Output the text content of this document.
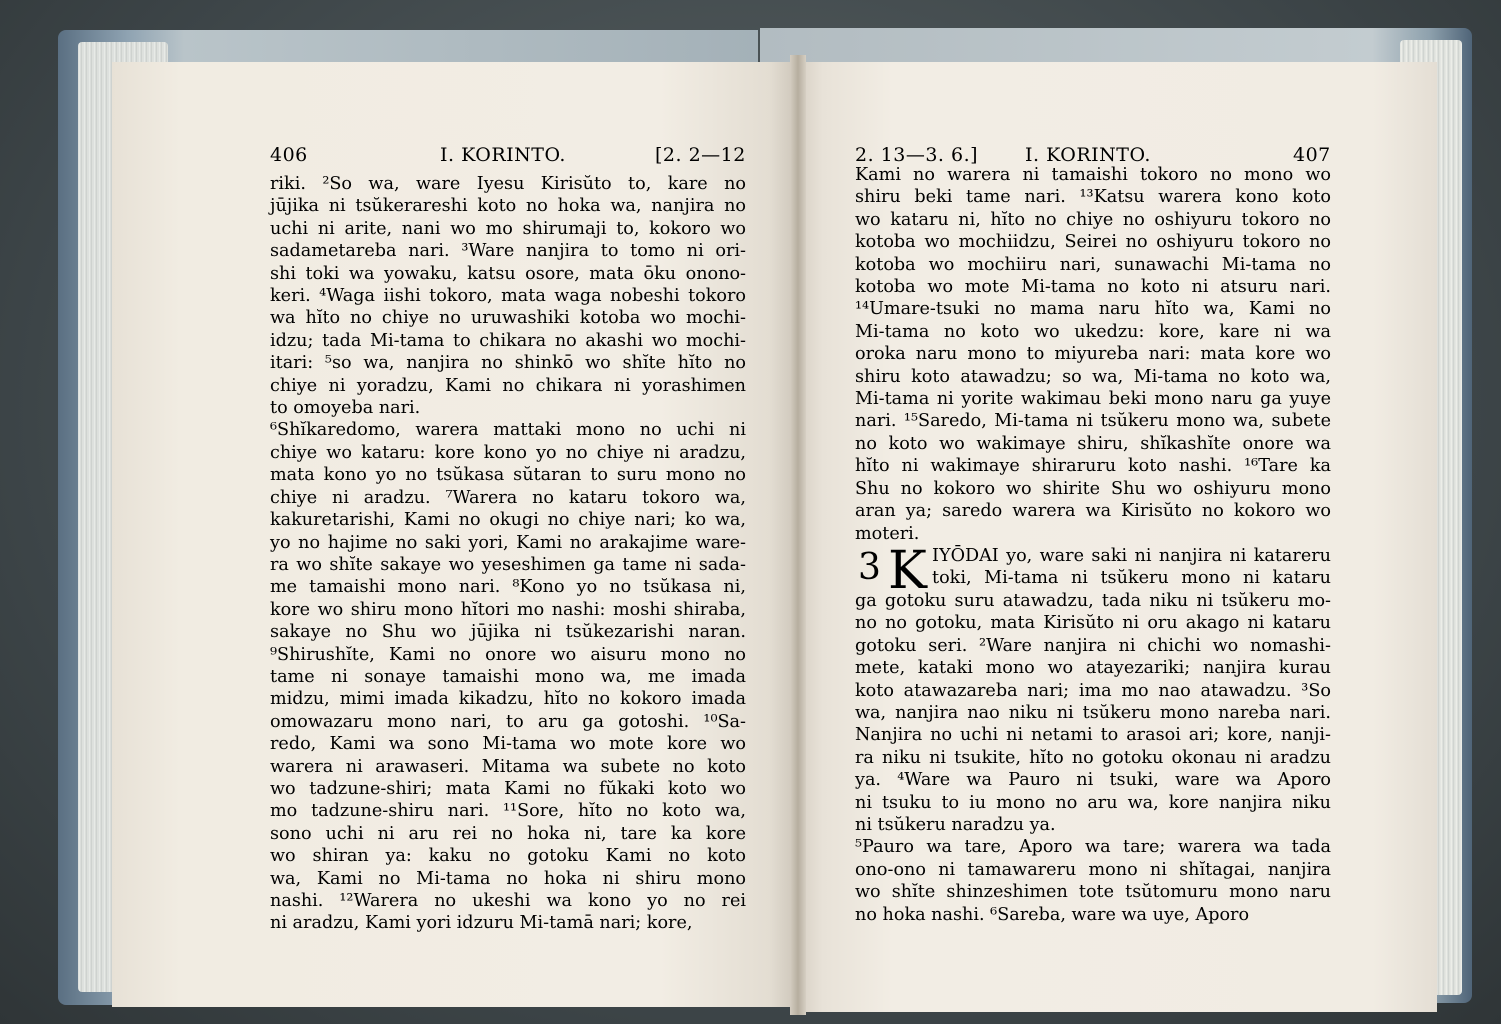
406	I. KORINTO.	[2. 2—12
riki. ²So wa, ware Iyesu Kirisŭto to, kare no
jūjika ni tsŭkerareshi koto no hoka wa, nanjira no
uchi ni arite, nani wo mo shirumaji to, kokoro wo
sadametareba nari. ³Ware nanjira to tomo ni ori-
shi toki wa yowaku, katsu osore, mata ōku ononо-
keri. ⁴Waga iishi tokoro, mata waga nobeshi tokoro
wa hĭto no chiye no uruwashiki kotoba wo mochi-
idzu; tada Mi-tama to chikara no akashi wo mochi-
itari: ⁵so wa, nanjira no shinkō wo shĭte hĭto no
chiye ni yoradzu, Kami no chikara ni yorashimen
to omoyeba nari.
⁶Shĭkaredomo, warera mattaki mono no uchi ni
chiye wo kataru: kore kono yo no chiye ni aradzu,
mata kono yo no tsŭkasa sŭtaran to suru mono no
chiye ni aradzu. ⁷Warera no kataru tokoro wa,
kakuretarishi, Kami no okugi no chiye nari; ko wa,
yo no hajime no saki yori, Kami no arakajime ware-
ra wo shĭte sakaye wo yeseshimen ga tame ni sada-
me tamaishi mono nari. ⁸Kono yo no tsŭkasa ni,
kore wo shiru mono hĭtori mo nashi: moshi shiraba,
sakaye no Shu wo jūjika ni tsŭkezarishi naran.
⁹Shirushĭte, Kami no onore wo aisuru mono no
tame ni sonaye tamaishi mono wa, me imada
midzu, mimi imada kikadzu, hĭto no kokoro imada
omowazaru mono nari, to aru ga gotoshi. ¹⁰Sa-
redo, Kami wa sono Mi-tama wo mote kore wo
warera ni arawaseri. Mitama wa subete no koto
wo tadzune-shiri; mata Kami no fŭkaki koto wo
mo tadzune-shiru nari. ¹¹Sore, hĭto no koto wa,
sono uchi ni aru rei no hoka ni, tare ka kore
wo shiran ya: kaku no gotoku Kami no koto
wa, Kami no Mi-tama no hoka ni shiru mono
nashi. ¹²Warera no ukeshi wa kono yo no rei
ni aradzu, Kami yori idzuru Mi-tamā nari; kore,
2. 13—3. 6.] I. KORINTO.	407
Kami no warera ni tamaishi tokoro no mono wo
shiru beki tame nari. ¹³Katsu warera kono koto
wo kataru ni, hĭto no chiye no oshiyuru tokoro no
kotoba wo mochiidzu, Seirei no oshiyuru tokoro no
kotoba wo mochiiru nari, sunawachi Mi-tama no
kotoba wo mote Mi-tama no koto ni atsuru nari.
¹⁴Umare-tsuki no mama naru hĭto wa, Kami no
Mi-tama no koto wo ukedzu: kore, kare ni wa
oroka naru mono to miyureba nari: mata kore wo
shiru koto atawadzu; so wa, Mi-tama no koto wa,
Mi-tama ni yorite wakimau beki mono naru ga yuye
nari. ¹⁵Saredo, Mi-tama ni tsŭkeru mono wa, subete
no koto wo wakimaye shiru, shĭkashĭte onore wa
hĭto ni wakimaye shiraruru koto nashi. ¹⁶Tare ka
Shu no kokoro wo shirite Shu wo oshiyuru mono
aran ya; saredo warera wa Kirisŭto no kokoro wo
moteri.
3 K IYŌDAI yo, ware saki ni nanjira ni katareru
toki, Mi-tama ni tsŭkeru mono ni kataru
ga gotoku suru atawadzu, tada niku ni tsŭkeru mo-
no no gotoku, mata Kirisŭto ni oru akago ni kataru
gotoku seri. ²Ware nanjira ni chichi wo nomashi-
mete, kataki mono wo atayezariki; nanjira kurau
koto atawazareba nari; ima mo nao atawadzu. ³So
wa, nanjira nao niku ni tsŭkeru mono nareba nari.
Nanjira no uchi ni netami to arasoi ari; kore, nanji-
ra niku ni tsukite, hĭto no gotoku okonau ni aradzu
ya. ⁴Ware wa Pauro ni tsuki, ware wa Aporo
ni tsuku to iu mono no aru wa, kore nanjira niku
ni tsŭkeru naradzu ya.
⁵Pauro wa tare, Aporo wa tare; warera wa tada
ono-ono ni tamawareru mono ni shĭtagai, nanjira
wo shĭte shinzeshimen tote tsŭtomuru mono naru
no hoka nashi. ⁶Sareba, ware wa uye, Aporo
